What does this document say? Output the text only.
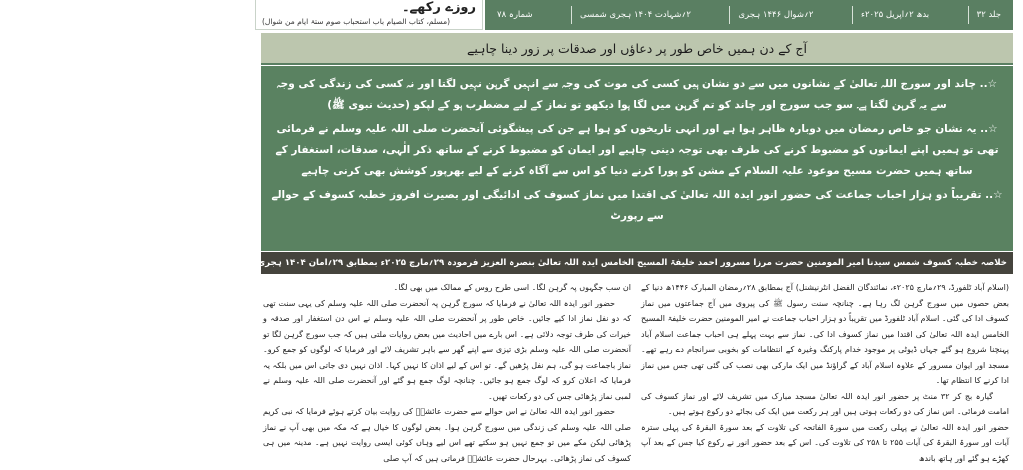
روزے رکھے۔
(مسلم، کتاب الصیام باب استحباب صوم ستۃ ایام من شوال)
جلد ۳۲
بدھ ۲؍اپریل ۲۰۲۵ء
۲؍شوال ۱۴۴۶ ہجری
۲؍شہادت ۱۴۰۴ ہجری شمسی
شمارہ ۷۸
آج کے دن ہمیں خاص طور پر دعاؤں اور صدقات پر زور دینا چاہیے

☆.. چاند اور سورج اللہ تعالیٰ کے نشانوں میں سے دو نشان ہیں کسی کی موت کی وجہ سے انہیں گرہن نہیں لگتا اور نہ کسی کی زندگی کی وجہ سے یہ گرہن لگتا ہے۔ سو جب سورج اور چاند کو تم گرہن میں لگا ہوا دیکھو تو نماز کے لیے مضطرب ہو کے لپکو (حدیث نبوی ﷺ)

☆.. یہ نشان جو خاص رمضان میں دوبارہ ظاہر ہوا ہے اور انہی تاریخوں کو ہوا ہے جن کی پیشگوئی آنحضرت صلی اللہ علیہ وسلم نے فرمائی تھی تو ہمیں اپنے ایمانوں کو مضبوط کرنے کی طرف بھی توجہ دینی چاہیے اور ایمان کو مضبوط کرنے کے ساتھ ذکر الٰہی، صدقات، استغفار کے ساتھ ہمیں حضرت مسیح موعود علیہ السلام کے مشن کو پورا کرنے دنیا کو اس سے آگاہ کرنے کے لیے بھرپور کوشش بھی کرنی چاہیے

☆.. تقریباً دو ہزار احباب جماعت کی حضور انور ایدہ اللہ تعالیٰ کی اقتدا میں نماز کسوف کی ادائیگی اور بصیرت افروز خطبہ کسوف کے حوالے سے رپورٹ

خلاصہ خطبہ کسوف شمس سیدنا امیر المومنین حضرت مرزا مسرور احمد خلیفۃ المسیح الخامس ایدہ اللہ تعالیٰ بنصرہ العزیز فرمودہ ۲۹؍مارچ ۲۰۲۵ء بمطابق ۲۹؍امان ۱۴۰۴ ہجری شمسی بمقام مسجد مبارک، اسلام آباد، ٹلفورڈ (سرے)، یو کے

(اسلام آباد ٹلفورڈ، ۲۹؍مارچ ۲۰۲۵ء، نمائندگان الفضل انٹرنیشنل) آج بمطابق ۲۸؍رمضان المبارک ۱۴۴۶ھ دنیا کے بعض حصوں میں سورج گرہن لگ رہا ہے۔ چنانچہ سنت رسول ﷺ کی پیروی میں آج جماعتوں میں نماز کسوف ادا کی گئی۔ اسلام آباد ٹلفورڈ میں تقریباً دو ہزار احباب جماعت نے امیر المومنین حضرت خلیفۃ المسیح الخامس ایدہ اللہ تعالیٰ کی اقتدا میں نماز کسوف ادا کی۔ نماز سے بہت پہلے ہی احباب جماعت اسلام آباد پہنچنا شروع ہو گئے جہاں ڈیوٹی پر موجود خدام پارکنگ وغیرہ کے انتظامات کو بخوبی سرانجام دے رہے تھے۔ مسجد اور ایوان مسرور کے علاوہ اسلام آباد کے گراؤنڈ میں ایک مارکی بھی نصب کی گئی تھی جس میں نماز ادا کرنے کا انتظام تھا۔

گیارہ بج کر ۳۲ منٹ پر حضور انور ایدہ اللہ تعالیٰ مسجد مبارک میں تشریف لائے اور نماز کسوف کی امامت فرمائی۔ اس نماز کی دو رکعات ہوتی ہیں اور ہر رکعت میں ایک کی بجائے دو رکوع ہوتے ہیں۔

حضور انور ایدہ اللہ تعالیٰ نے پہلی رکعت میں سورۃ الفاتحہ کی تلاوت کے بعد سورۃ البقرۃ کی پہلی سترہ آیات اور سورۃ البقرۃ کی آیات ۲۵۵ تا ۲۵۸ کی تلاوت کی۔ اس کے بعد حضور انور نے رکوع کیا جس کے بعد آپ کھڑے ہو گئے اور ہاتھ باندھ

ان سب جگہوں پہ گرہن لگا۔ اسی طرح روس کے ممالک میں بھی لگا۔

حضور انور ایدہ اللہ تعالیٰ نے فرمایا کہ سورج گرہن پہ آنحضرت صلی اللہ علیہ وسلم کی یہی سنت تھی کہ دو نفل نماز ادا کیے جائیں۔ خاص طور پر آنحضرت صلی اللہ علیہ وسلم نے اس دن استغفار اور صدقہ و خیرات کی طرف توجہ دلائی ہے۔ اس بارے میں احادیث میں بعض روایات ملتی ہیں کہ جب سورج گرہن لگا تو آنحضرت صلی اللہ علیہ وسلم بڑی تیزی سے اپنے گھر سے باہر تشریف لائے اور فرمایا کہ لوگوں کو جمع کرو۔ نماز باجماعت ہو گی، ہم نفل پڑھیں گے۔ تو اس کے لیے اذان کا نہیں کہا۔ اذان نہیں دی جاتی اس میں بلکہ یہ فرمایا کہ اعلان کرو کہ لوگ جمع ہو جائیں۔ چنانچہ لوگ جمع ہو گئے اور آنحضرت صلی اللہ علیہ وسلم نے لمبی نماز پڑھائی جس کی دو رکعات تھیں۔

حضور انور ایدہ اللہ تعالیٰ نے اس حوالے سے حضرت عائشہؓ کی روایت بیان کرتے ہوئے فرمایا کہ نبی کریم صلی اللہ علیہ وسلم کی زندگی میں سورج گرہن ہوا۔ بعض لوگوں کا خیال ہے کہ مکہ میں بھی آپ نے نماز پڑھائی لیکن مکے میں تو جمع نہیں ہو سکتے تھے اس لیے وہاں کوئی ایسی روایت نہیں ہے۔ مدینہ میں ہی کسوف کی نماز پڑھائی۔ بہرحال حضرت عائشہؓ فرماتی ہیں کہ آپ صلی
